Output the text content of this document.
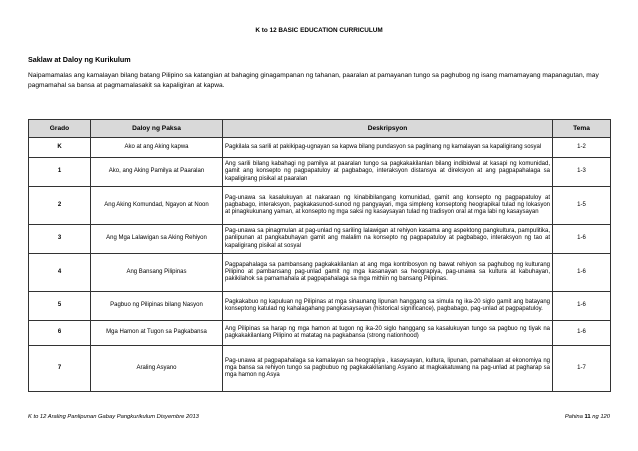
K to 12 BASIC EDUCATION CURRICULUM
Saklaw at Daloy ng Kurikulum
Naipamamalas ang kamalayan bilang batang Pilipino sa katangian at bahaging ginagampanan ng tahanan, paaralan at pamayanan tungo sa paghubog ng isang mamamayang mapanagutan, may pagmamahal sa bansa at pagmamalasakit sa kapaligiran at kapwa.
Grado	Daloy ng Paksa	Deskripsyon	Tema
K	Ako at ang Aking kapwa	Pagkilala sa sarili at pakikipag-ugnayan sa kapwa bilang pundasyon sa paglinang ng kamalayan sa kapaligirang sosyal	1-2
1	Ako, ang Aking Pamilya at Paaralan	Ang sarili bilang kabahagi ng pamilya at paaralan tungo sa pagkakakilanlan bilang indibidwal at kasapi ng komunidad, gamit ang konsepto ng pagpapatuloy at pagbabago, interaksyon distansya at direksyon at ang pagpapahalaga sa kapaligirang pisikal at paaralan	1-3
2	Ang Aking Komundad, Ngayon at Noon	Pag-unawa sa kasalukuyan at nakaraan ng kinabibilangang komunidad, gamit ang konsepto ng pagpapatuloy at pagbabago, interaksyon, pagkakasunod-sunod ng pangyayari, mga simpleng konseptong heograpikal tulad ng lokasyon at pinagkukunang yaman, at konsepto ng mga saksi ng kasaysayan tulad ng tradisyon oral at mga labi ng kasaysayan	1-5
3	Ang Mga Lalawigan sa Aking Rehiyon	Pag-unawa sa pinagmulan at pag-unlad ng sariling lalawigan at rehiyon kasama ang aspektong pangkultura, pampulitika, panlipunan at pangkabuhayan gamit ang malalim na konsepto ng pagpapatuloy at pagbabago, interaksyon ng tao at kapaligirang pisikal at sosyal	1-6
4	Ang Bansang Pilipinas	Pagpapahalaga sa pambansang pagkakakilanlan at ang mga kontribosyon ng bawat rehiyon sa paghubog ng kulturang Pilipino at pambansang pag-unlad gamit ng mga kasanayan sa heograpiya, pag-unawa sa kultura at kabuhayan, pakikilahok sa pamamahala at pagpapahalaga sa mga mithiin ng bansang Pilipinas.	1-6
5	Pagbuo ng Pilipinas bilang Nasyon	Pagkakabuo ng kapuluan ng Pilipinas at mga sinaunang lipunan hanggang sa simula ng ika-20 siglo gamit ang batayang konseptong katulad ng kahalagahang pangkasaysayan (historical significance), pagbabago, pag-unlad at pagpapatuloy.	1-6
6	Mga Hamon at Tugon sa Pagkabansa	Ang Pilipinas sa harap ng mga hamon at tugon ng ika-20 siglo hanggang sa kasalukuyan tungo sa pagbuo ng tiyak na pagkakakilanlang Pilipino at matatag na pagkabansa (strong nationhood)	1-6
7	Araling Asyano	Pag-unawa at pagpapahalaga sa kamalayan sa heograpiya , kasaysayan, kultura, lipunan, pamahalaan at ekonomiya ng mga bansa sa rehiyon tungo sa pagbubuo ng pagkakakilanlang Asyano at magkakatuwang na pag-unlad at pagharap sa mga hamon ng Asya	1-7
K to 12 Araling Panlipunan Gabay Pangkurikulum Disyembre 2013	Pahina 11 ng 120
